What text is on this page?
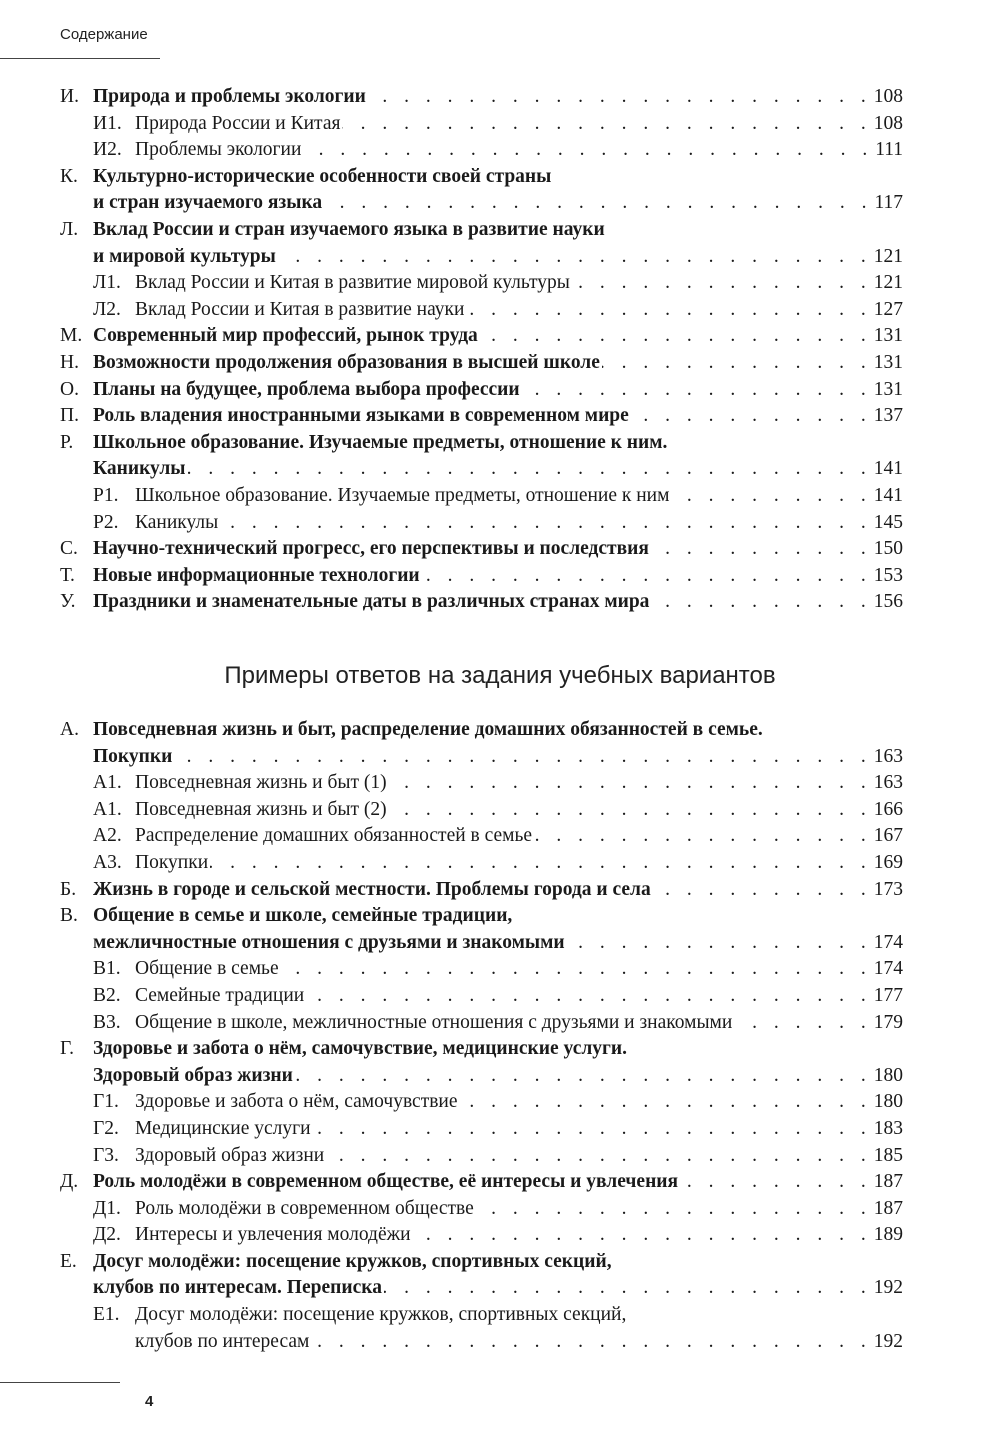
Содержание
И. Природа и проблемы экологии . . .	108
И1. Природа России и Китая . . .	108
И2. Проблемы экологии . . .	111
К. Культурно-исторические особенности своей страны
и стран изучаемого языка . . .	117
Л. Вклад России и стран изучаемого языка в развитие науки
и мировой культуры . . .	121
Л1. Вклад России и Китая в развитие мировой культуры . . .	121
Л2. Вклад России и Китая в развитие науки . . .	127
М. Современный мир профессий, рынок труда . . .	131
Н. Возможности продолжения образования в высшей школе . . .	131
О. Планы на будущее, проблема выбора профессии . . .	131
П. Роль владения иностранными языками в современном мире . . .	137
Р.	Школьное образование. Изучаемые предметы, отношение к ним.
Каникулы . . .	141
Р1. Школьное образование. Изучаемые предметы, отношение к ним . . .	141
Р2. Каникулы . . .	145
С. Научно-технический прогресс, его перспективы и последствия . . .	150
Т. Новые информационные технологии . . .	153
У. Праздники и знаменательные даты в различных странах мира . . .	156
Примеры ответов на задания учебных вариантов
А. Повседневная жизнь и быт, распределение домашних обязанностей в семье.
Покупки . . .	163
А1. Повседневная жизнь и быт (1) . . .	163
А1. Повседневная жизнь и быт (2) . . .	166
А2. Распределение домашних обязанностей в семье . . .	167
А3. Покупки . . .	169
Б. Жизнь в городе и сельской местности. Проблемы города и села . . .	173
В. Общение в семье и школе, семейные традиции,
межличностные отношения с друзьями и знакомыми . . .	174
В1. Общение в семье . . .	174
В2. Семейные традиции . . .	177
В3. Общение в школе, межличностные отношения с друзьями и знакомыми . . .	179
Г. Здоровье и забота о нём, самочувствие, медицинские услуги.
Здоровый образ жизни . . .	180
Г1. Здоровье и забота о нём, самочувствие . . .	180
Г2. Медицинские услуги . . .	183
Г3. Здоровый образ жизни . . .	185
Д. Роль молодёжи в современном обществе, её интересы и увлечения . . .	187
Д1. Роль молодёжи в современном обществе . . .	187
Д2. Интересы и увлечения молодёжи . . .	189
Е. Досуг молодёжи: посещение кружков, спортивных секций,
клубов по интересам. Переписка . . .	192
Е1. Досуг молодёжи: посещение кружков, спортивных секций,
клубов по интересам . . .	192
4
